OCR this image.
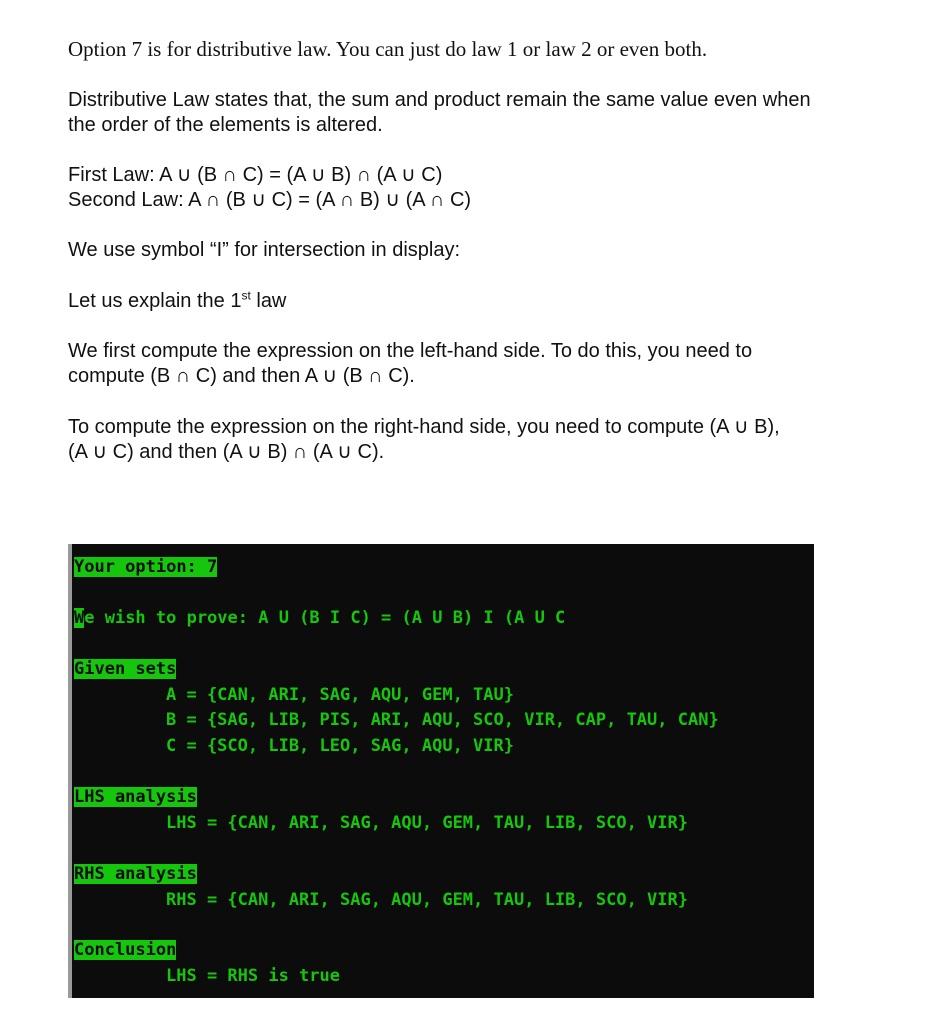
Option 7 is for distributive law. You can just do law 1 or law 2 or even both.

Distributive Law states that, the sum and product remain the same value even when
the order of the elements is altered.

First Law: A ∪ (B ∩ C) = (A ∪ B) ∩ (A ∪ C)
Second Law: A ∩ (B ∪ C) = (A ∩ B) ∪ (A ∩ C)

We use symbol “I” for intersection in display:

Let us explain the 1st law

We first compute the expression on the left-hand side. To do this, you need to
compute (B ∩ C) and then A ∪ (B ∩ C).

To compute the expression on the right-hand side, you need to compute (A ∪ B),
(A ∪ C) and then (A ∪ B) ∩ (A ∪ C).

Your option: 7
We wish to prove: A U (B I C) = (A U B) I (A U C
Given sets
A = {CAN, ARI, SAG, AQU, GEM, TAU}
B = {SAG, LIB, PIS, ARI, AQU, SCO, VIR, CAP, TAU, CAN}
C = {SCO, LIB, LEO, SAG, AQU, VIR}
LHS analysis
LHS = {CAN, ARI, SAG, AQU, GEM, TAU, LIB, SCO, VIR}
RHS analysis
RHS = {CAN, ARI, SAG, AQU, GEM, TAU, LIB, SCO, VIR}
Conclusion
LHS = RHS is true
